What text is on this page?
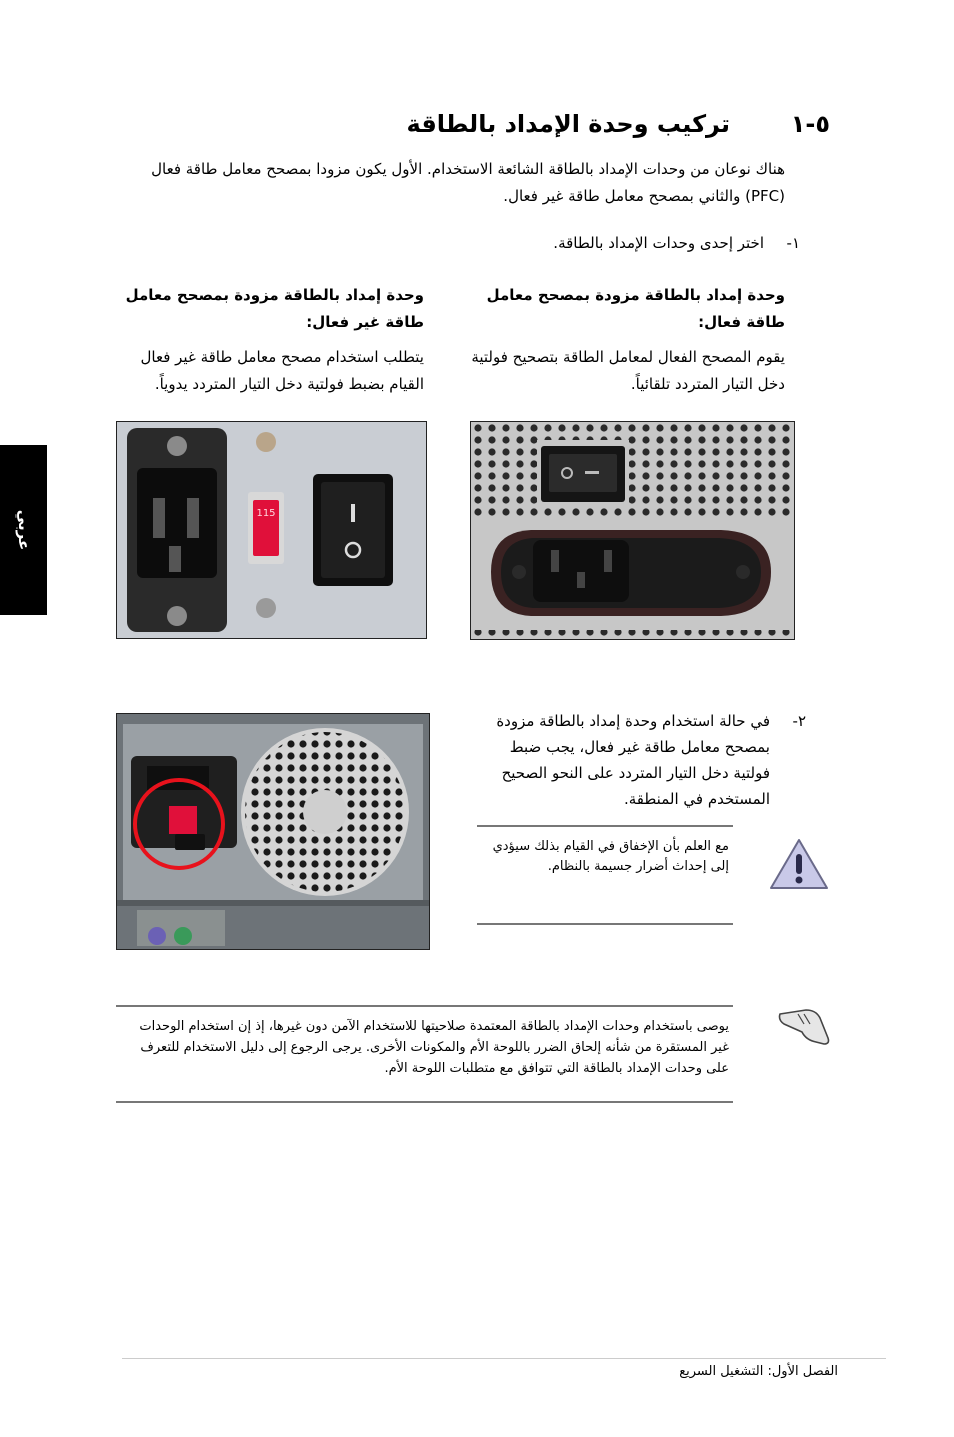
٥-١
تركيب وحدة الإمداد بالطاقة
هناك نوعان من وحدات الإمداد بالطاقة الشائعة الاستخدام. الأول يكون مزودا بمصحح معامل طاقة فعال (PFC) والثاني بمصحح معامل طاقة غير فعال.
١-
اختر إحدى وحدات الإمداد بالطاقة.
وحدة إمداد بالطاقة مزودة بمصحح معامل طاقة فعال:
يقوم المصحح الفعال لمعامل الطاقة بتصحيح فولتية دخل التيار المتردد تلقائياً.
وحدة إمداد بالطاقة مزودة بمصحح معامل طاقة غير فعال:
يتطلب استخدام مصحح معامل طاقة غير فعال القيام بضبط فولتية دخل التيار المتردد يدوياً.
عربي	115
٢-
في حالة استخدام وحدة إمداد بالطاقة مزودة بمصحح معامل طاقة غير فعال، يجب ضبط فولتية دخل التيار المتردد على النحو الصحيح المستخدم في المنطقة.
مع العلم بأن الإخفاق في القيام بذلك سيؤدي إلى إحداث أضرار جسيمة بالنظام.
يوصى باستخدام وحدات الإمداد بالطاقة المعتمدة صلاحيتها للاستخدام الآمن دون غيرها، إذ إن استخدام الوحدات غير المستقرة من شأنه إلحاق الضرر باللوحة الأم والمكونات الأخرى. يرجى الرجوع إلى دليل الاستخدام للتعرف على وحدات الإمداد بالطاقة التي تتوافق مع متطلبات اللوحة الأم.
الفصل الأول: التشغيل السريع
